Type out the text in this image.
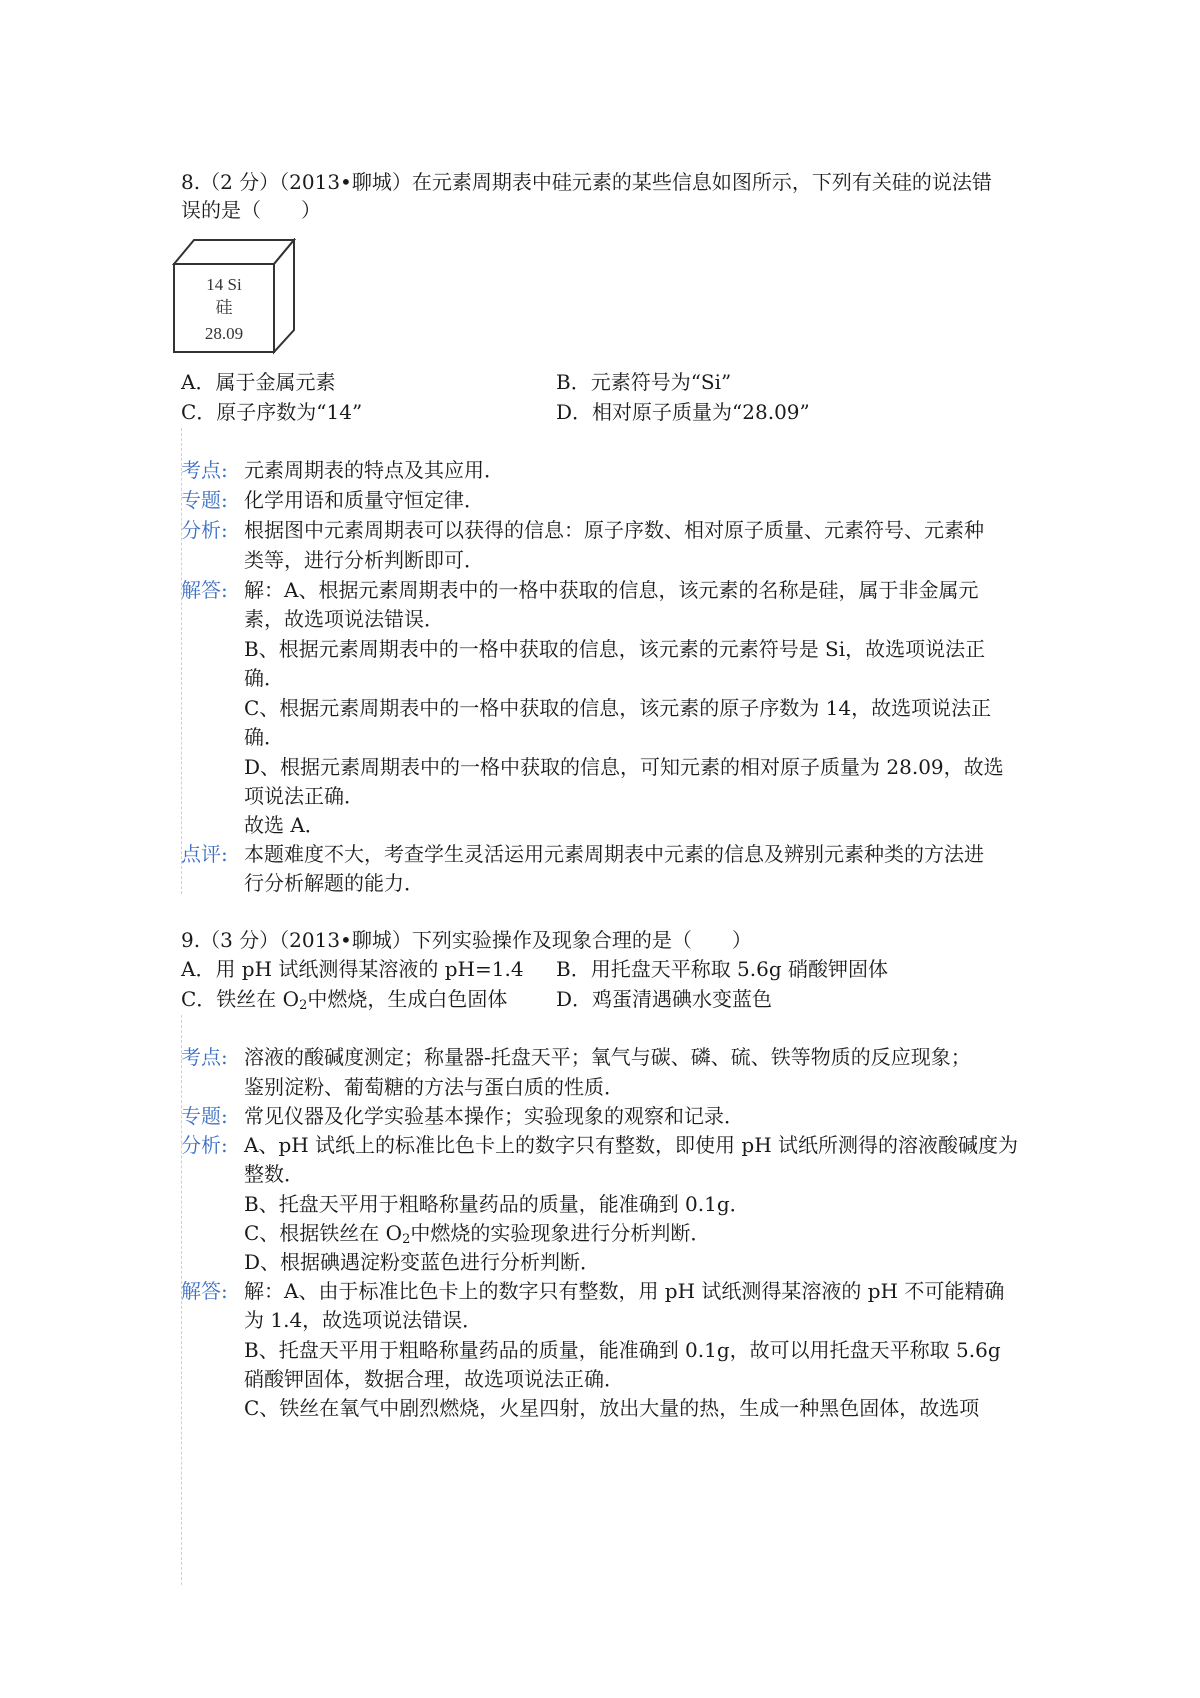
8.（2 分）（2013•聊城）在元素周期表中硅元素的某些信息如图所示，下列有关硅的说法错
误的是（　　）
14 Si
硅
28.09
A．属于金属元素	B．元素符号为“Si”
C．原子序数为“14”	D．相对原子质量为“28.09”
考点: 元素周期表的特点及其应用．
专题: 化学用语和质量守恒定律．
分析: 根据图中元素周期表可以获得的信息：原子序数、相对原子质量、元素符号、元素种
类等，进行分析判断即可．
解答: 解：A、根据元素周期表中的一格中获取的信息，该元素的名称是硅，属于非金属元
素，故选项说法错误．
B、根据元素周期表中的一格中获取的信息，该元素的元素符号是 Si，故选项说法正
确．
C、根据元素周期表中的一格中获取的信息，该元素的原子序数为 14，故选项说法正
确．
D、根据元素周期表中的一格中获取的信息，可知元素的相对原子质量为 28.09，故选
项说法正确．
故选 A．
点评: 本题难度不大，考查学生灵活运用元素周期表中元素的信息及辨别元素种类的方法进
行分析解题的能力．
9.（3 分）（2013•聊城）下列实验操作及现象合理的是（　　）
A．用 pH 试纸测得某溶液的 pH=1.4 B．用托盘天平称取 5.6g 硝酸钾固体
C．铁丝在 $O_2$中燃烧，生成白色固体 D．鸡蛋清遇碘水变蓝色
考点: 溶液的酸碱度测定；称量器-托盘天平；氧气与碳、磷、硫、铁等物质的反应现象；
鉴别淀粉、葡萄糖的方法与蛋白质的性质．
专题: 常见仪器及化学实验基本操作；实验现象的观察和记录．
分析: A、pH 试纸上的标准比色卡上的数字只有整数，即使用 pH 试纸所测得的溶液酸碱度为
整数．
B、托盘天平用于粗略称量药品的质量，能准确到 0.1g．
C、根据铁丝在 $O_2$中燃烧的实验现象进行分析判断．
D、根据碘遇淀粉变蓝色进行分析判断．
解答: 解：A、由于标准比色卡上的数字只有整数，用 pH 试纸测得某溶液的 pH 不可能精确
为 1.4，故选项说法错误．
B、托盘天平用于粗略称量药品的质量，能准确到 0.1g，故可以用托盘天平称取 5.6g
硝酸钾固体，数据合理，故选项说法正确．
C、铁丝在氧气中剧烈燃烧，火星四射，放出大量的热，生成一种黑色固体，故选项
